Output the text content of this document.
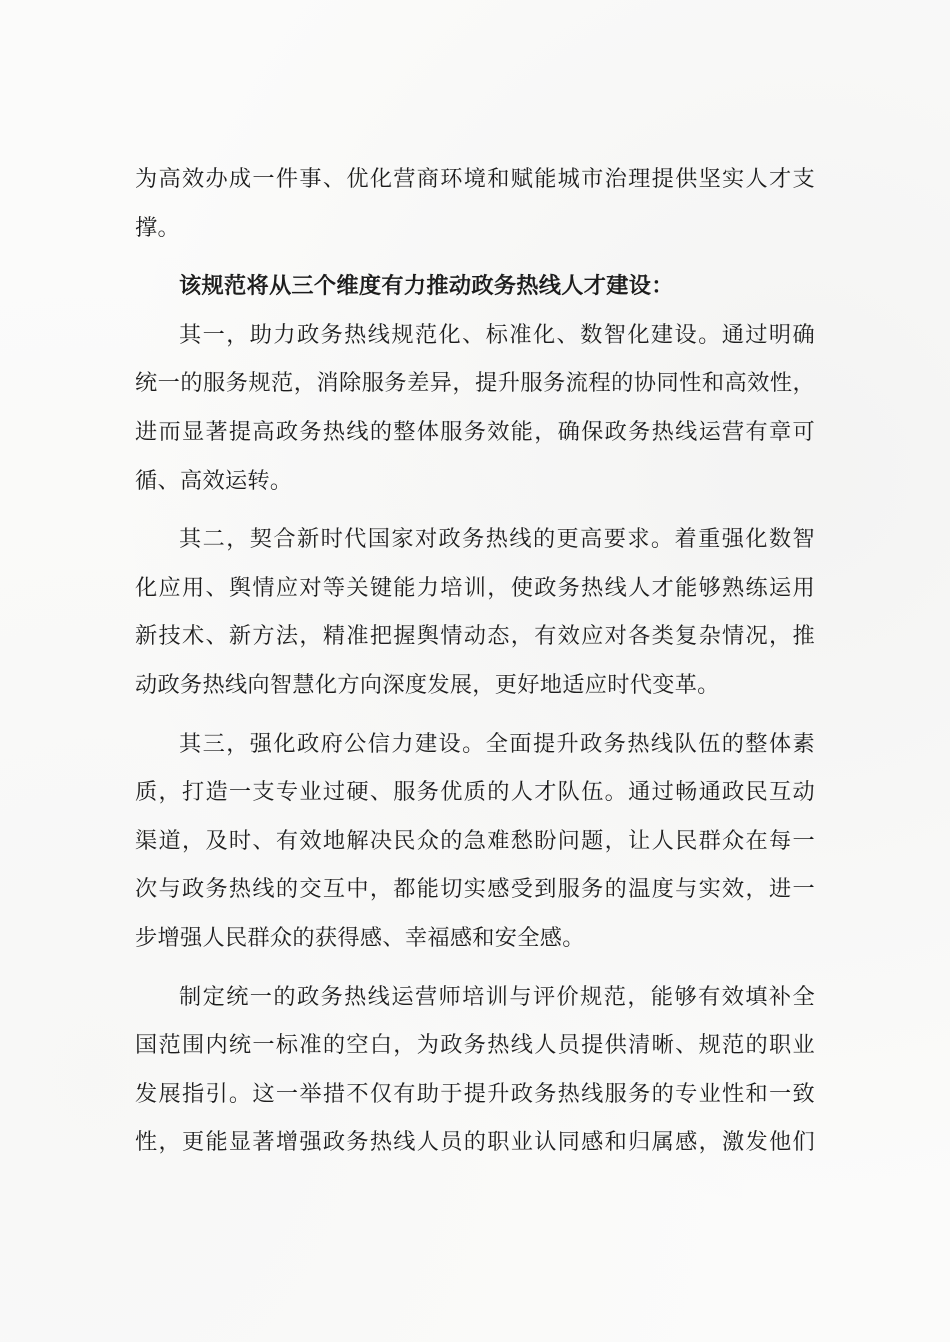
为高效办成一件事、优化营商环境和赋能城市治理提供坚实人才支
撑。
该规范将从三个维度有力推动政务热线人才建设：
其一，助力政务热线规范化、标准化、数智化建设。通过明确
统一的服务规范，消除服务差异，提升服务流程的协同性和高效性，
进而显著提高政务热线的整体服务效能，确保政务热线运营有章可
循、高效运转。
其二，契合新时代国家对政务热线的更高要求。着重强化数智
化应用、舆情应对等关键能力培训，使政务热线人才能够熟练运用
新技术、新方法，精准把握舆情动态，有效应对各类复杂情况，推
动政务热线向智慧化方向深度发展，更好地适应时代变革。
其三，强化政府公信力建设。全面提升政务热线队伍的整体素
质，打造一支专业过硬、服务优质的人才队伍。通过畅通政民互动
渠道，及时、有效地解决民众的急难愁盼问题，让人民群众在每一
次与政务热线的交互中，都能切实感受到服务的温度与实效，进一
步增强人民群众的获得感、幸福感和安全感。
制定统一的政务热线运营师培训与评价规范，能够有效填补全
国范围内统一标准的空白，为政务热线人员提供清晰、规范的职业
发展指引。这一举措不仅有助于提升政务热线服务的专业性和一致
性，更能显著增强政务热线人员的职业认同感和归属感，激发他们
